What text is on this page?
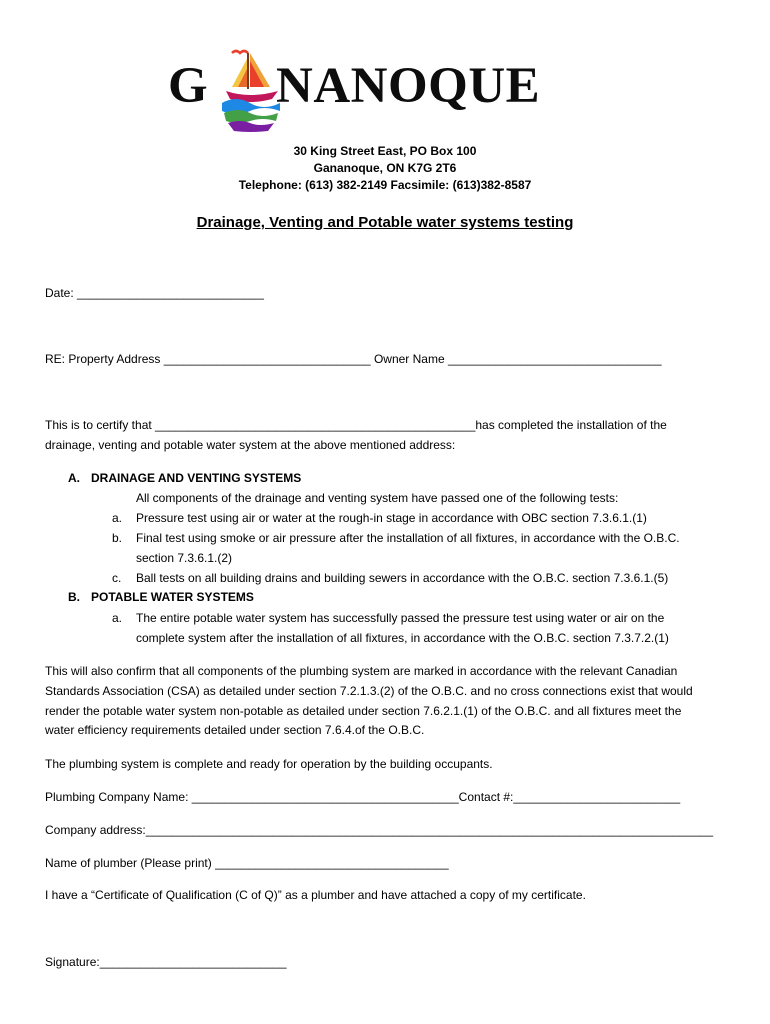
G NANOQUE
30 King Street East, PO Box 100
Gananoque, ON K7G 2T6
Telephone: (613) 382-2149 Facsimile: (613)382-8587
Drainage, Venting and Potable water systems testing
Date: ____________________________
RE: Property Address _______________________________ Owner Name ________________________________
This is to certify that ________________________________________________has completed the installation of the
drainage, venting and potable water system at the above mentioned address:
A. DRAINAGE AND VENTING SYSTEMS
All components of the drainage and venting system have passed one of the following tests:
a. Pressure test using air or water at the rough-in stage in accordance with OBC section 7.3.6.1.(1)
b. Final test using smoke or air pressure after the installation of all fixtures, in accordance with the O.B.C.
section 7.3.6.1.(2)
c. Ball tests on all building drains and building sewers in accordance with the O.B.C. section 7.3.6.1.(5)
B. POTABLE WATER SYSTEMS
a. The entire potable water system has successfully passed the pressure test using water or air on the
complete system after the installation of all fixtures, in accordance with the O.B.C. section 7.3.7.2.(1)
This will also confirm that all components of the plumbing system are marked in accordance with the relevant Canadian
Standards Association (CSA) as detailed under section 7.2.1.3.(2) of the O.B.C. and no cross connections exist that would
render the potable water system non-potable as detailed under section 7.6.2.1.(1) of the O.B.C. and all fixtures meet the
water efficiency requirements detailed under section 7.6.4.of the O.B.C.
The plumbing system is complete and ready for operation by the building occupants.
Plumbing Company Name: ________________________________________Contact #:_________________________
Company address:_____________________________________________________________________________________
Name of plumber (Please print) ___________________________________
I have a “Certificate of Qualification (C of Q)” as a plumber and have attached a copy of my certificate.
Signature:____________________________
